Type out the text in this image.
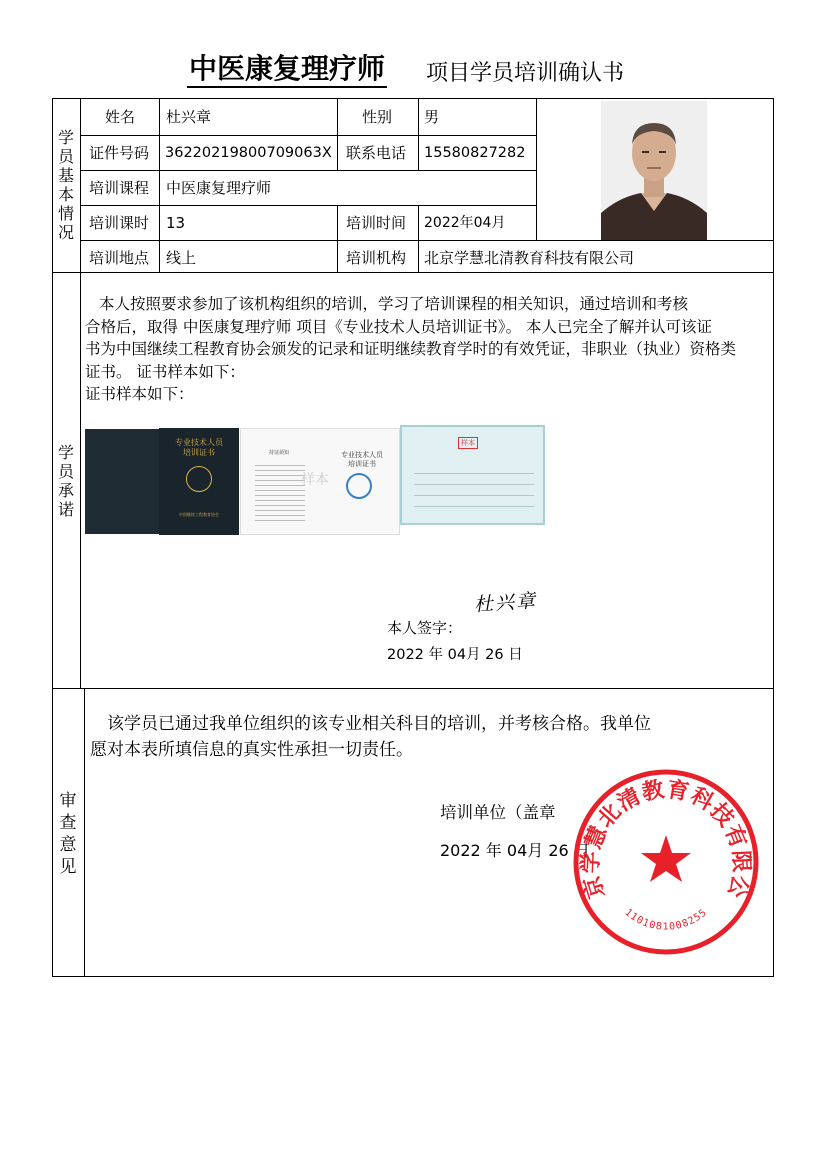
中医康复理疗师 项目学员培训确认书
学
员
基
本
情
况
学
员
承
诺
审
查
意
见
姓名 杜兴章	性别 男
证件号码 36220219800709063X 联系电话 15580827282
培训课程 中医康复理疗师
培训课时 13	培训时间 2022年04月
培训地点 线上	培训机构 北京学慧北清教育科技有限公司
本人按照要求参加了该机构组织的培训，学习了培训课程的相关知识，通过培训和考核
合格后，取得 中医康复理疗师 项目《专业技术人员培训证书》。 本人已完全了解并认可该证
书为中国继续工程教育协会颁发的记录和证明继续教育学时的有效凭证，非职业（执业）资格类
证书。 证书样本如下：
证书样本如下：
专业技术人员
培训证书
中国继续工程教育协会
持证须知	专业技术人员
培训证书
样本
样本
本人签字：
杜兴章
2022 年 04月 26 日
该学员已通过我单位组织的该专业相关科目的培训，并考核合格。我单位
愿对本表所填信息的真实性承担一切责任。
培训单位（盖章
2022 年 04月 26 日
京学慧北清教育科技有限公
1101081008255
